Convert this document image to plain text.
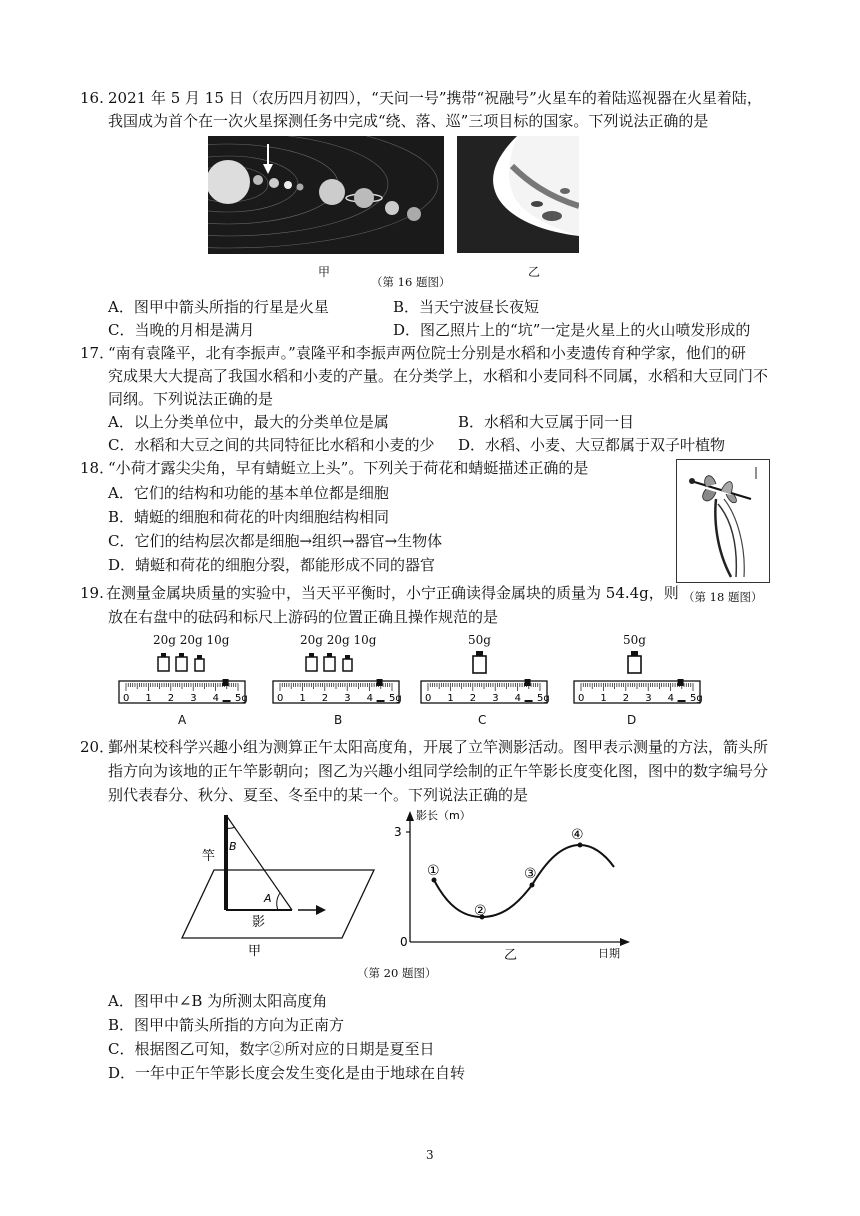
16. 2021 年 5 月 15 日（农历四月初四），“天问一号”携带“祝融号”火星车的着陆巡视器在火星着陆，
我国成为首个在一次火星探测任务中完成“绕、落、巡”三项目标的国家。下列说法正确的是
甲	乙
（第 16 题图）
A．图甲中箭头所指的行星是火星	B．当天宁波昼长夜短
C．当晚的月相是满月	D．图乙照片上的“坑”一定是火星上的火山喷发形成的
17．
“南有袁隆平，北有李振声。”袁隆平和李振声两位院士分别是水稻和小麦遗传育种学家，他们的研
究成果大大提高了我国水稻和小麦的产量。在分类学上，水稻和小麦同科不同属，水稻和大豆同门不
同纲。下列说法正确的是
A．以上分类单位中，最大的分类单位是属	B．水稻和大豆属于同一目
C．水稻和大豆之间的共同特征比水稻和小麦的少 D．水稻、小麦、大豆都属于双子叶植物
18．
“小荷才露尖尖角，早有蜻蜓立上头”。下列关于荷花和蜻蜓描述正确的是
A．它们的结构和功能的基本单位都是细胞
B．蜻蜓的细胞和荷花的叶肉细胞结构相同
C．它们的结构层次都是细胞→组织→器官→生物体
D．蜻蜓和荷花的细胞分裂，都能形成不同的器官
（第 18 题图）
19. 在测量金属块质量的实验中，当天平平衡时，小宁正确读得金属块的质量为 54.4g，则
放在右盘中的砝码和标尺上游码的位置正确且操作规范的是
20g 20g 10g
0 1 2 3 4 5g
A
20g 20g 10g
0 1 2 3 4 5g
B
50g
0 1 2 3 4 5g
C
50g
0 1 2 3 4 5g
D
20．
鄞州某校科学兴趣小组为测算正午太阳高度角，开展了立竿测影活动。图甲表示测量的方法，箭头所
指方向为该地的正午竿影朝向；图乙为兴趣小组同学绘制的正午竿影长度变化图，图中的数字编号分
别代表春分、秋分、夏至、冬至中的某一个。下列说法正确的是
B
A
竿
影
甲
影长（m）
3
0
日期
乙
①
②
③
④
（第 20 题图）
A．图甲中∠B 为所测太阳高度角
B．图甲中箭头所指的方向为正南方
C．根据图乙可知，数字②所对应的日期是夏至日
D．一年中正午竿影长度会发生变化是由于地球在自转
3
